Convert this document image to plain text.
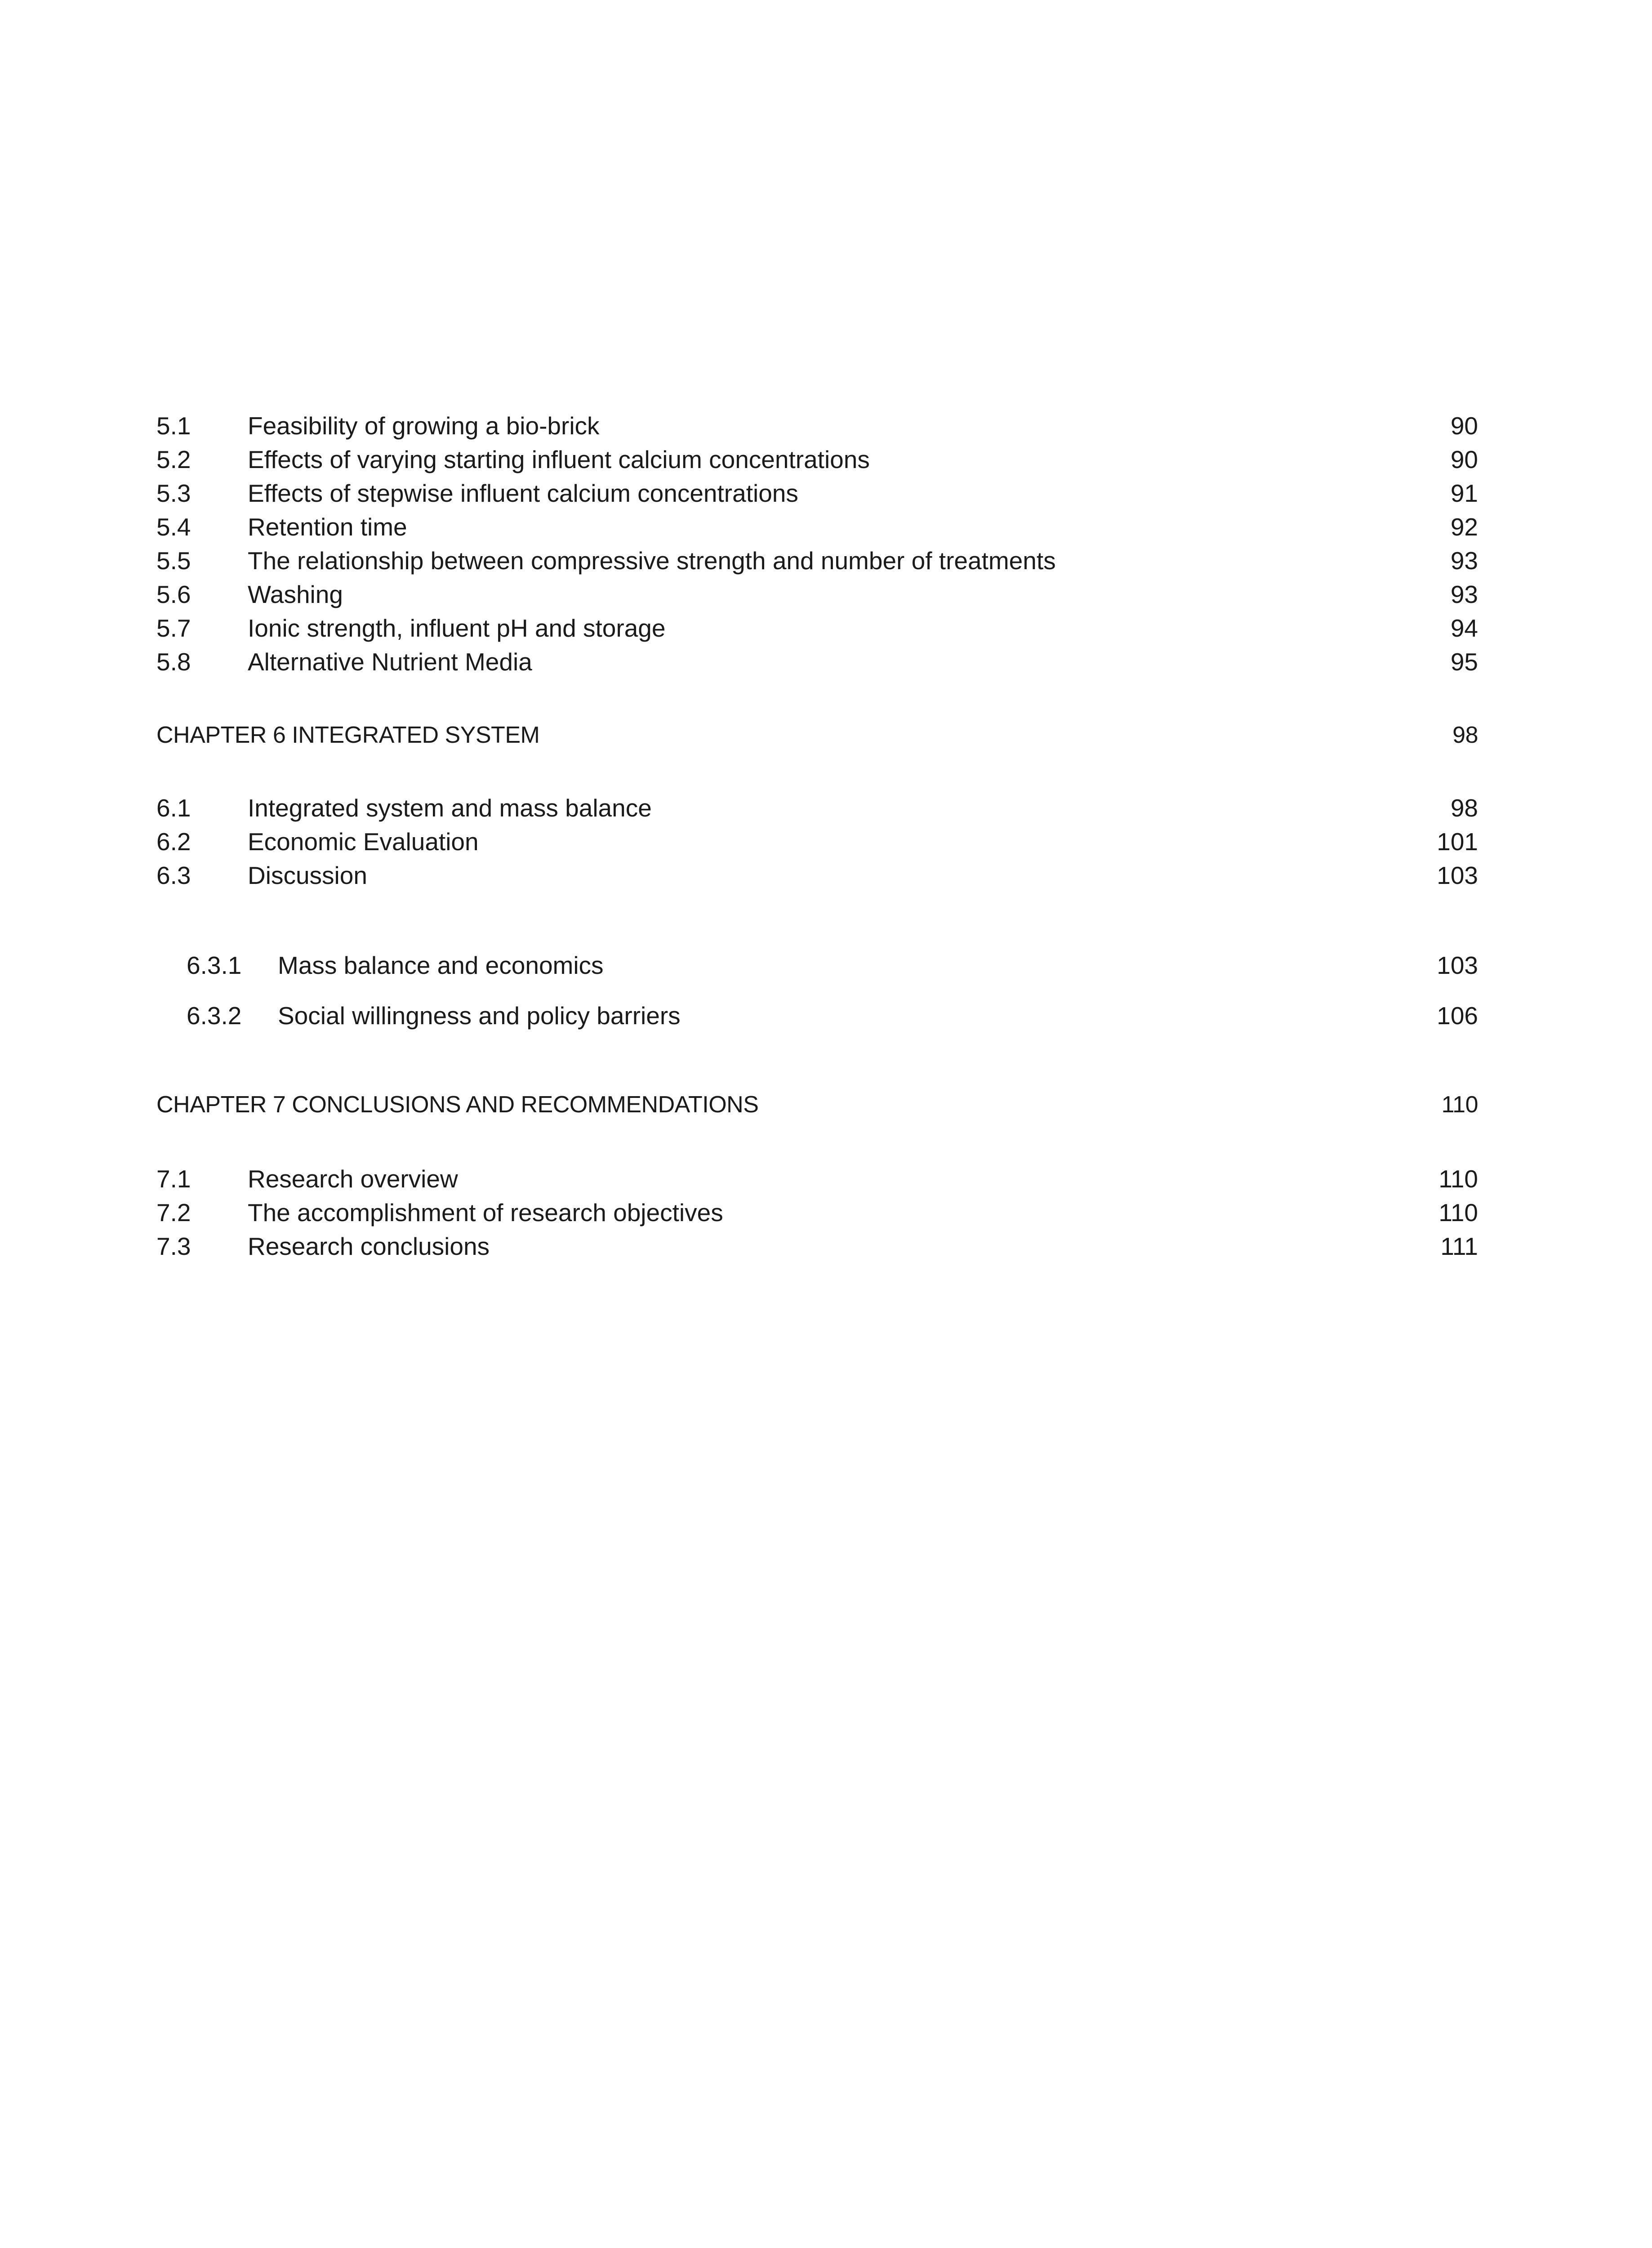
5.1 Feasibility of growing a bio-brick	90
5.2 Effects of varying starting influent calcium concentrations	90
5.3 Effects of stepwise influent calcium concentrations	91
5.4 Retention time	92
5.5 The relationship between compressive strength and number of treatments	93
5.6 Washing	93
5.7 Ionic strength, influent pH and storage	94
5.8 Alternative Nutrient Media	95
CHAPTER 6 INTEGRATED SYSTEM	98
6.1 Integrated system and mass balance	98
6.2 Economic Evaluation	101
6.3 Discussion	103
6.3.1 Mass balance and economics	103
6.3.2 Social willingness and policy barriers	106
CHAPTER 7 CONCLUSIONS AND RECOMMENDATIONS	110
7.1 Research overview	110
7.2 The accomplishment of research objectives	110
7.3 Research conclusions	111
